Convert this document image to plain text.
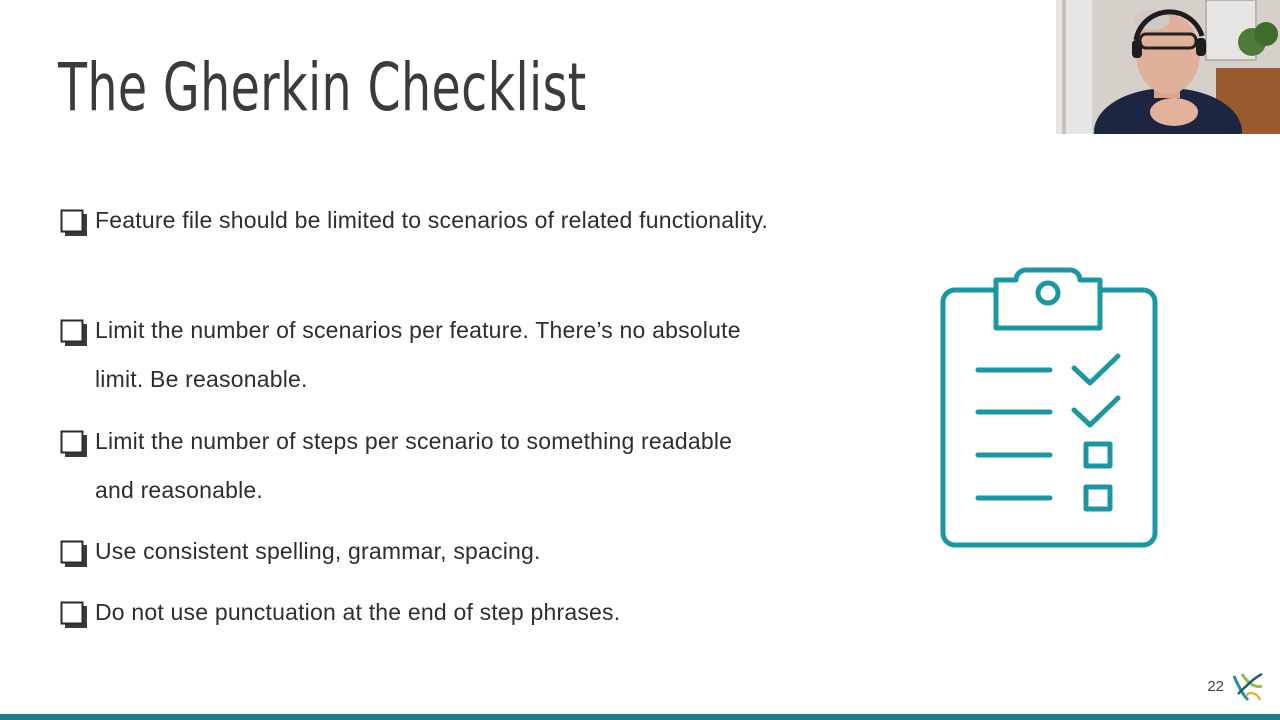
The Gherkin Checklist
Feature file should be limited to scenarios of related functionality.
Limit the number of scenarios per feature. There’s no absolute limit. Be reasonable.
Limit the number of steps per scenario to something readable and reasonable.
Use consistent spelling, grammar, spacing.
Do not use punctuation at the end of step phrases.
22
